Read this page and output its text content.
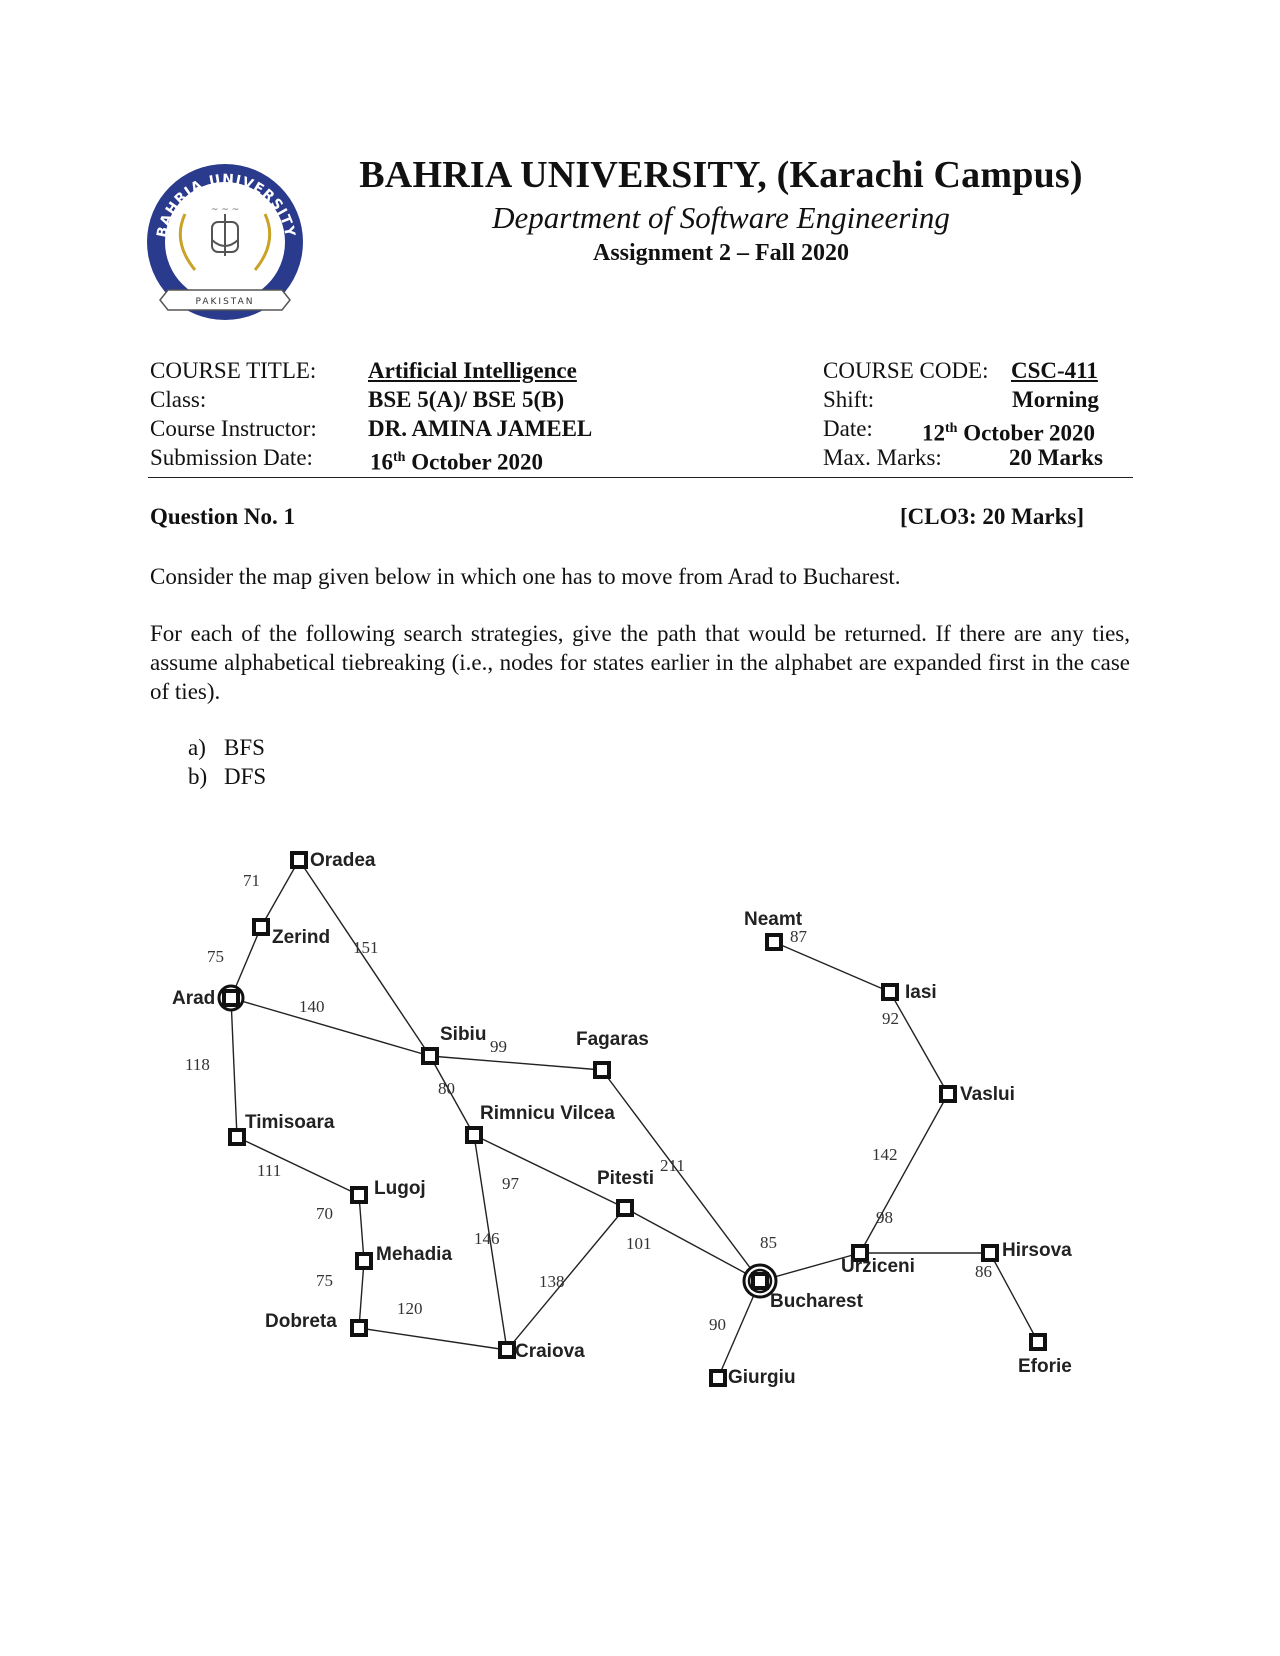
BAHRIA UNIVERSITY
~ ~ ~
PAKISTAN
BAHRIA UNIVERSITY, (Karachi Campus)
Department of Software Engineering
Assignment 2 – Fall 2020
COURSE TITLE: Artificial Intelligence
Class:	BSE 5(A)/ BSE 5(B)
Course Instructor: DR. AMINA JAMEEL
Submission Date: 16th October 2020
COURSE CODE: CSC-411
Shift:	Morning
Date: 12th October 2020
Max. Marks:	20 Marks
Question No. 1	[CLO3: 20 Marks]
Consider the map given below in which one has to move from Arad to Bucharest.
For each of the following search strategies, give the path that would be returned. If there are any ties, assume alphabetical tiebreaking (i.e., nodes for states earlier in the alphabet are expanded first in the case of ties).
a) BFS
b) DFS
71
75	151
140
118
111
70
75
120
99
80
97
146
138
101
211
90
85
98
86
142
92
87
Oradea
Zerind
Arad
Timisoara
Lugoj
Mehadia
Dobreta
Sibiu	Fagaras
Rimnicu Vilcea
Pitesti
Craiova
Bucharest
Giurgiu
Urziceni
Hirsova
Eforie
Vaslui
Iasi
Neamt
